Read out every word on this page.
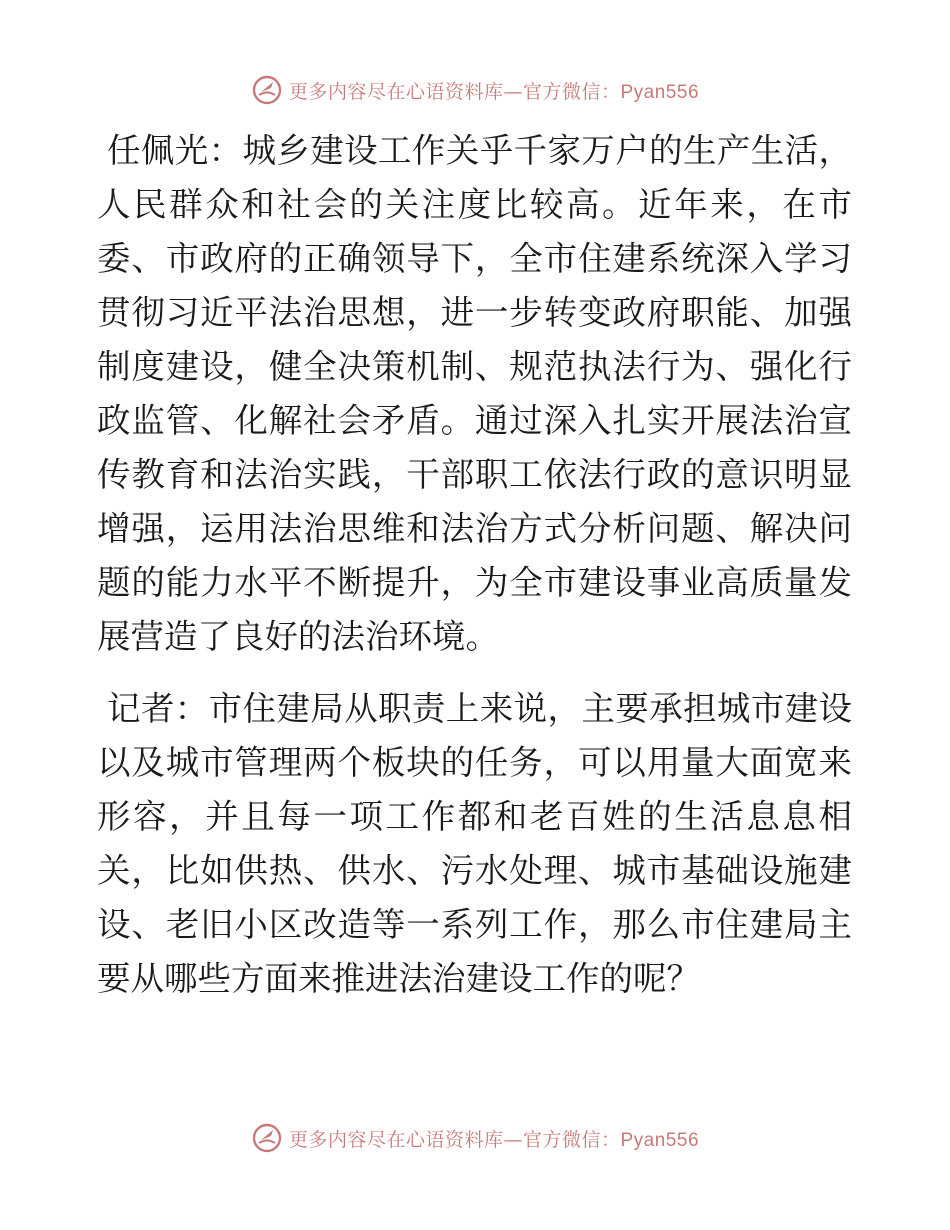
更多内容尽在心语资料库—官方微信：Pyan556

任佩光：城乡建设工作关乎千家万户的生产生活，人民群众和社会的关注度比较高。近年来，在市委、市政府的正确领导下，全市住建系统深入学习贯彻习近平法治思想，进一步转变政府职能、加强制度建设，健全决策机制、规范执法行为、强化行政监管、化解社会矛盾。通过深入扎实开展法治宣传教育和法治实践，干部职工依法行政的意识明显增强，运用法治思维和法治方式分析问题、解决问题的能力水平不断提升，为全市建设事业高质量发展营造了良好的法治环境。

记者：市住建局从职责上来说，主要承担城市建设以及城市管理两个板块的任务，可以用量大面宽来形容，并且每一项工作都和老百姓的生活息息相关，比如供热、供水、污水处理、城市基础设施建设、老旧小区改造等一系列工作，那么市住建局主要从哪些方面来推进法治建设工作的呢？

更多内容尽在心语资料库—官方微信：Pyan556
